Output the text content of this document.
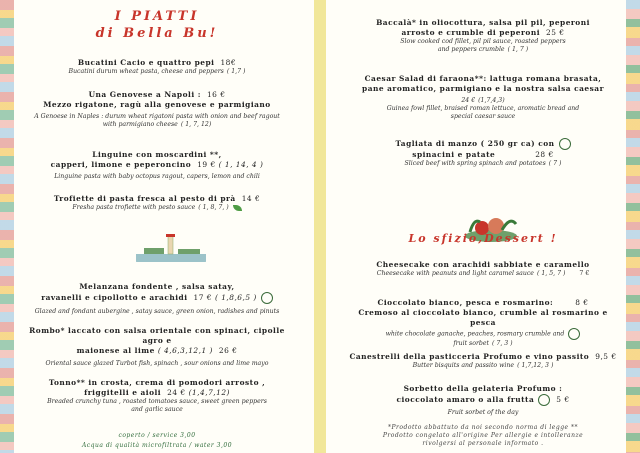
I PIATTI
di Bella Bu!
Bucatini Cacio e quattro pepi 18€
Bucatini durum wheat pasta, cheese and peppers ( 1,7 )
Una Genovese a Napoli : 16 €
Mezzo rigatone, ragù alla genovese e parmigiano
A Genoese in Naples : durum wheat rigatoni pasta with onion and beef ragout
with parmigiano cheese ( 1, 7, 12)
Linguine con moscardini **,
capperi, limone e peperoncino 19 € ( 1, 14, 4 )
Linguine pasta with baby octopus ragout, capers, lemon and chili
Trofiette di pasta fresca al pesto di prà 14 €
Fresha pasta trofiette with pesto sauce ( 1, 8, 7, )
Melanzana fondente , salsa satay,
ravanelli e cipollotto e arachidi 17 € ( 1,8,6,5 )
Glazed and fondant aubergine , satay sauce, green onion, radishes and pinuts
Rombo* laccato con salsa orientale con spinaci, cipolle agro e
maionese al lime ( 4,6,3,12,1 ) 26 €
Oriental sauce glazed Turbot fish, spinach , sour onions and lime mayo
Tonno** in crosta, crema di pomodori arrosto ,
friggitelli e aioli 24 € (1,4,7,12)
Breaded crunchy tuna , roasted tomatoes sauce, sweet green peppers
and garlic sauce
coperto / service 3,00
Acqua di qualità microfiltrata / water 3,00
Baccalà* in oliocottura, salsa pil pil, peperoni
arrosto e crumble di peperoni 25 €
Slow cooked cod fillet, pil pil sauce, roasted peppers
and peppers crumble ( 1, 7 )
Caesar Salad di faraona**: lattuga romana brasata,
pane aromatico, parmigiano e la nostra salsa caesar
24 € (1,7,4,3)
Guinea fowl fillet, braised roman lettuce, aromatic bread and
special caesar sauce
Tagliata di manzo ( 250 gr ca) con
spinacini e patate	28 €
Sliced beef with spring spinach and potatoes ( 7 )
Lo sfizio,Dessert !
Cheesecake con arachidi sabbiate e caramello
Cheesecake with peanuts and light caramel sauce ( 1, 5, 7 ) 7 €
Cioccolato bianco, pesca e rosmarino:	8 €
Cremoso al cioccolato bianco, crumble al rosmarino e pesca
white chocolate ganache, peaches, rosmary crumble and
fruit sorbet ( 7, 3 )
Canestrelli della pasticceria Profumo e vino passito 9,5 €
Butter bisquits and passito wine ( 1,7,12, 3 )
Sorbetto della gelateria Profumo :
cioccolato amaro o alla frutta	5 €
Fruit sorbet of the day
*Prodotto abbattuto da noi secondo norma di legge **
Prodotto congelato all'origine Per allergie e intolleranze
rivolgersi al personale informato .
